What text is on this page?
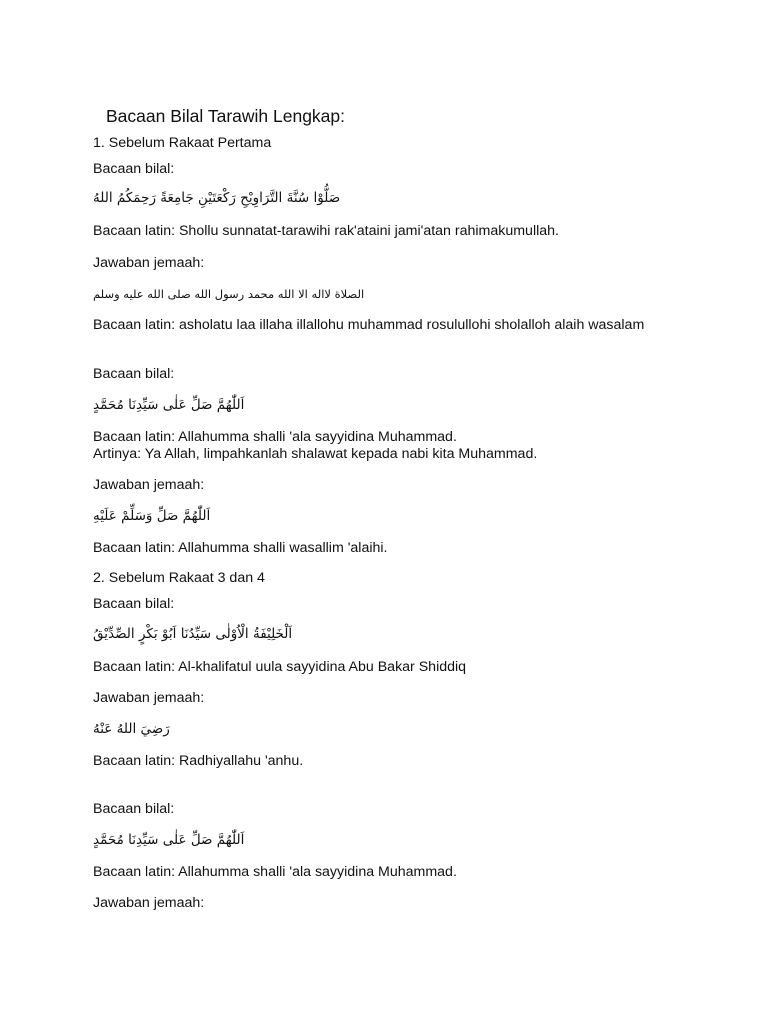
Bacaan Bilal Tarawih Lengkap:
1. Sebelum Rakaat Pertama
Bacaan bilal:
صَلُّوْا سُنَّةَ التَّرَاوِيْحِ رَكْعَتَيْنِ جَامِعَةً رَحِمَكُمُ اللهُ
Bacaan latin: Shollu sunnatat-tarawihi rak'ataini jami'atan rahimakumullah.
Jawaban jemaah:
الصلاة لااله الا الله محمد رسول الله صلى الله عليه وسلم
Bacaan latin: asholatu laa illaha illallohu muhammad rosulullohi sholalloh alaih wasalam
Bacaan bilal:
اَللّٰهُمَّ صَلِّ عَلٰى سَيِّدِنَا مُحَمَّدٍ
Bacaan latin: Allahumma shalli 'ala sayyidina Muhammad.
Artinya: Ya Allah, limpahkanlah shalawat kepada nabi kita Muhammad.
Jawaban jemaah:
اَللّٰهُمَّ صَلِّ وَسَلِّمْ عَلَيْهِ
Bacaan latin: Allahumma shalli wasallim 'alaihi.
2. Sebelum Rakaat 3 dan 4
Bacaan bilal:
اَلْخَلِيْفَةُ الْاُوْلٰى سَيِّدُنَا اَبُوْ بَكْرٍ الصِّدِّيْقُ
Bacaan latin: Al-khalifatul uula sayyidina Abu Bakar Shiddiq
Jawaban jemaah:
رَضِيَ اللهُ عَنْهُ
Bacaan latin: Radhiyallahu 'anhu.
Bacaan bilal:
اَللّٰهُمَّ صَلِّ عَلٰى سَيِّدِنَا مُحَمَّدٍ
Bacaan latin: Allahumma shalli 'ala sayyidina Muhammad.
Jawaban jemaah:
